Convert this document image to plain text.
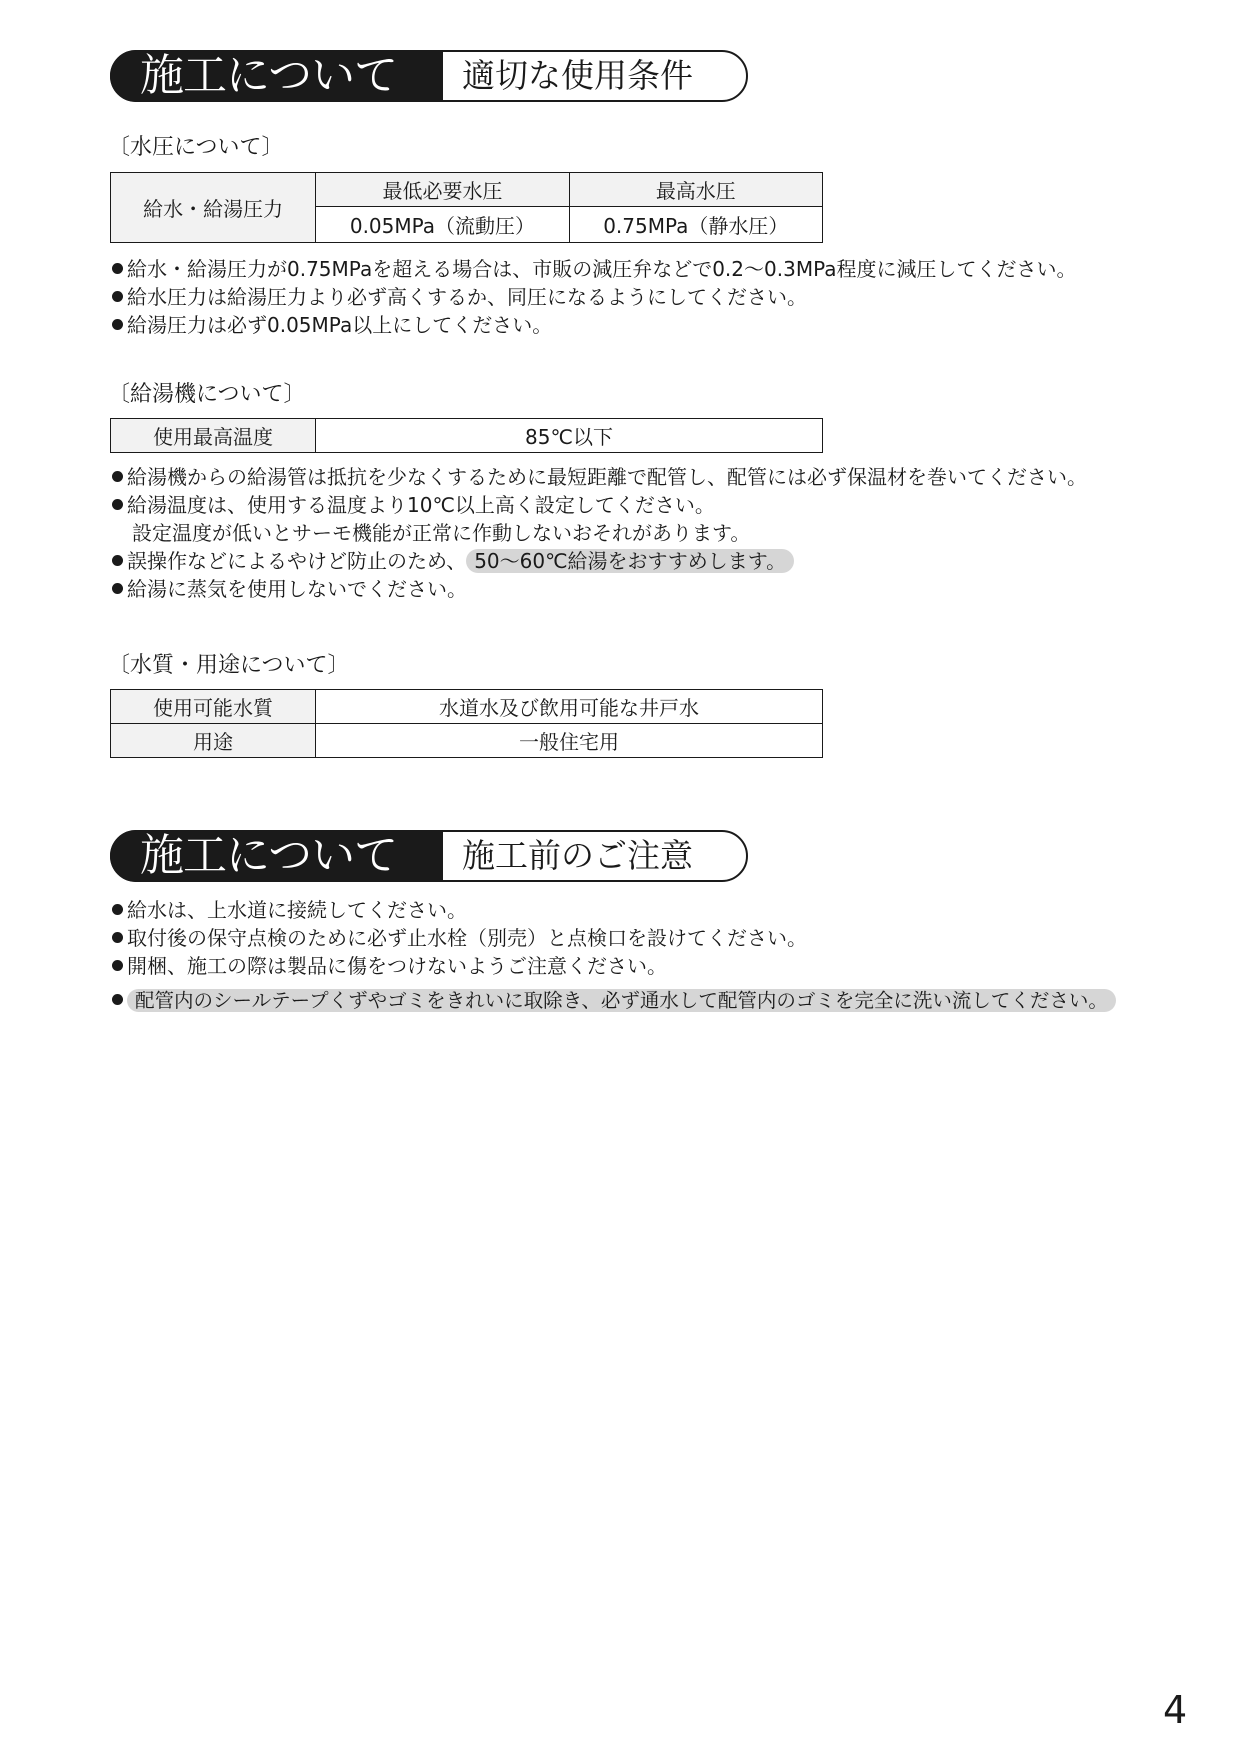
施工について	適切な使用条件
〔水圧について〕
給水・給湯圧力	最低必要水圧	最高水圧
	0.05MPa（流動圧）	0.75MPa（静水圧）
給水・給湯圧力が0.75MPaを超える場合は、市販の減圧弁などで0.2～0.3MPa程度に減圧してください。
給水圧力は給湯圧力より必ず高くするか、同圧になるようにしてください。
給湯圧力は必ず0.05MPa以上にしてください。
〔給湯機について〕
使用最高温度	85℃以下
給湯機からの給湯管は抵抗を少なくするために最短距離で配管し、配管には必ず保温材を巻いてください。
給湯温度は、使用する温度より10℃以上高く設定してください。
設定温度が低いとサーモ機能が正常に作動しないおそれがあります。
誤操作などによるやけど防止のため、 50～60℃給湯をおすすめします。
給湯に蒸気を使用しないでください。
〔水質・用途について〕
使用可能水質	水道水及び飲用可能な井戸水
用途	一般住宅用
施工について	施工前のご注意
給水は、上水道に接続してください。
取付後の保守点検のために必ず止水栓（別売）と点検口を設けてください。
開梱、施工の際は製品に傷をつけないようご注意ください。
配管内のシールテープくずやゴミをきれいに取除き、必ず通水して配管内のゴミを完全に洗い流してください。
4
